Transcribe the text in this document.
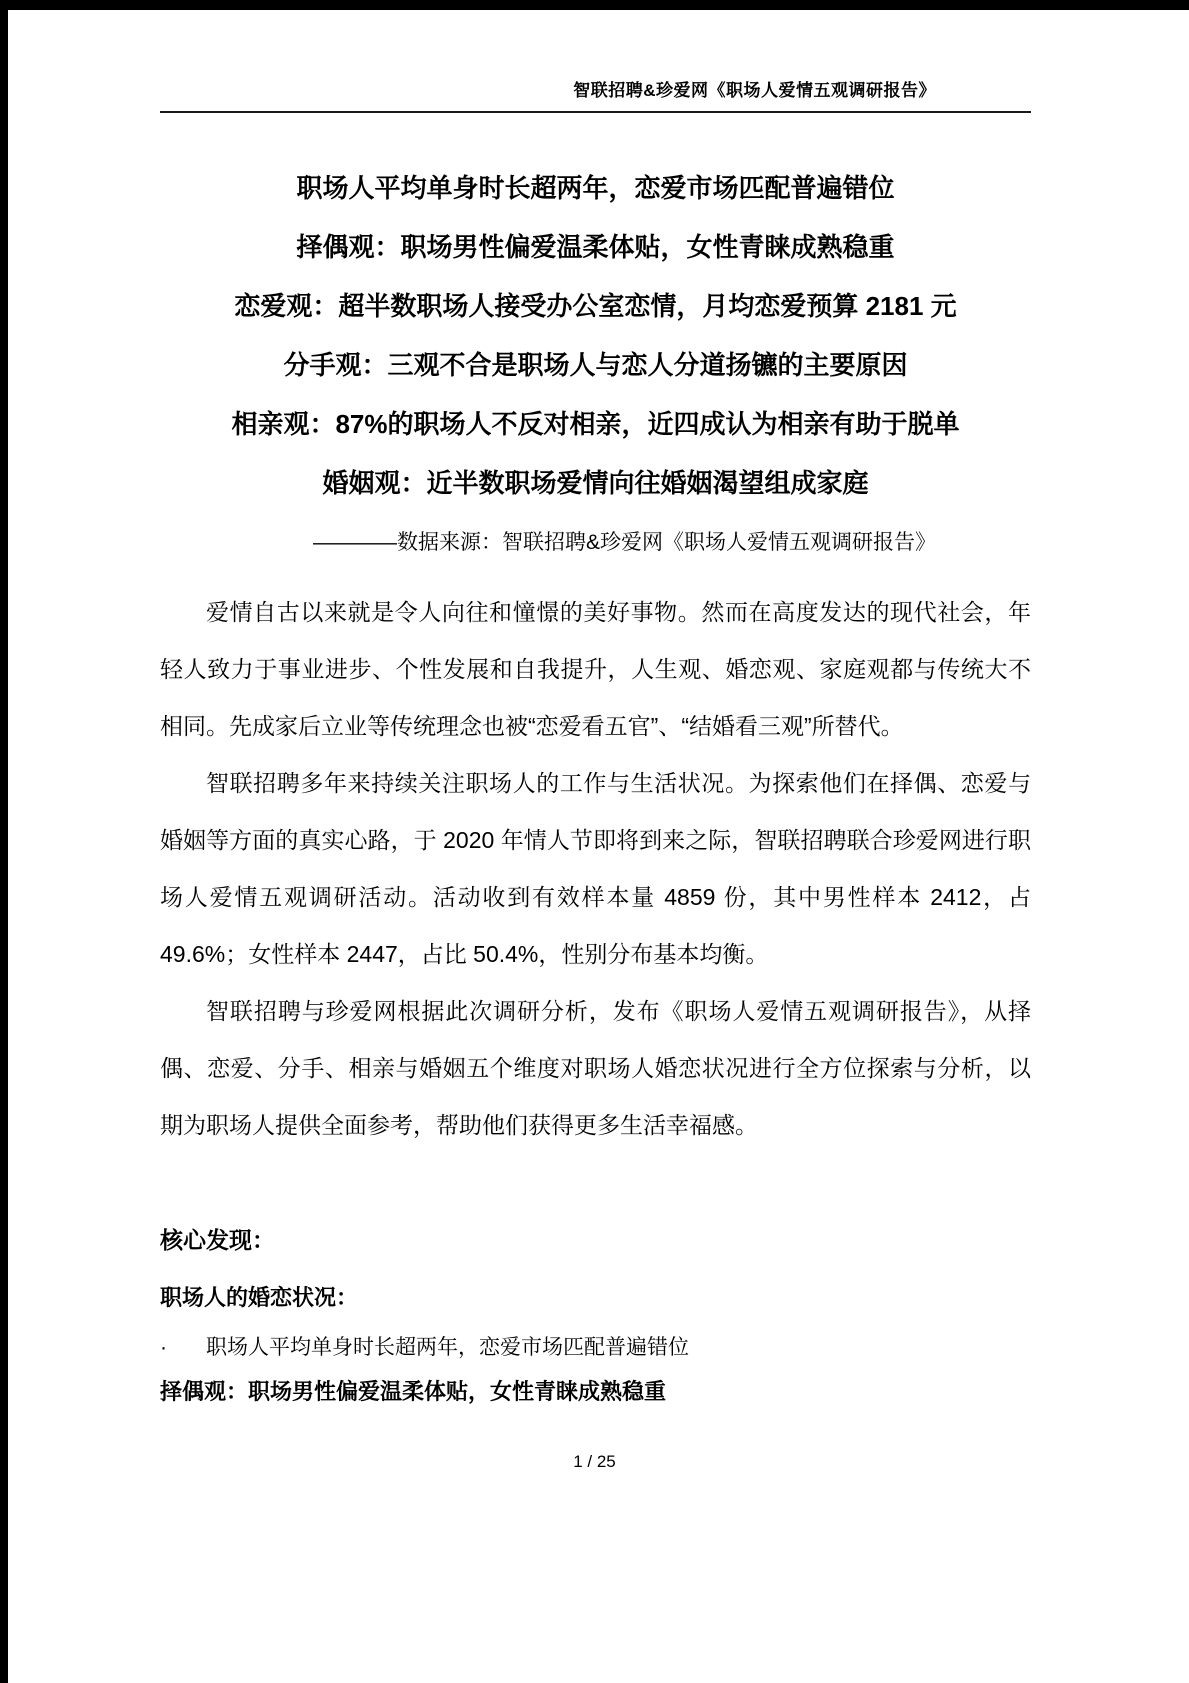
智联招聘&珍爱网《职场人爱情五观调研报告》
职场人平均单身时长超两年，恋爱市场匹配普遍错位
择偶观：职场男性偏爱温柔体贴，女性青睐成熟稳重
恋爱观：超半数职场人接受办公室恋情，月均恋爱预算 2181 元
分手观：三观不合是职场人与恋人分道扬镳的主要原因
相亲观：87%的职场人不反对相亲，近四成认为相亲有助于脱单
婚姻观：近半数职场爱情向往婚姻渴望组成家庭
————数据来源：智联招聘&珍爱网《职场人爱情五观调研报告》

爱情自古以来就是令人向往和憧憬的美好事物。然而在高度发达的现代社会，年轻人致力于事业进步、个性发展和自我提升，人生观、婚恋观、家庭观都与传统大不相同。先成家后立业等传统理念也被“恋爱看五官”、“结婚看三观”所替代。

智联招聘多年来持续关注职场人的工作与生活状况。为探索他们在择偶、恋爱与婚姻等方面的真实心路，于 2020 年情人节即将到来之际，智联招聘联合珍爱网进行职场人爱情五观调研活动。活动收到有效样本量 4859 份，其中男性样本 2412，占 49.6%；女性样本 2447，占比 50.4%，性别分布基本均衡。

智联招聘与珍爱网根据此次调研分析，发布《职场人爱情五观调研报告》，从择偶、恋爱、分手、相亲与婚姻五个维度对职场人婚恋状况进行全方位探索与分析，以期为职场人提供全面参考，帮助他们获得更多生活幸福感。

核心发现：
职场人的婚恋状况：
·	职场人平均单身时长超两年，恋爱市场匹配普遍错位
择偶观：职场男性偏爱温柔体贴，女性青睐成熟稳重
1 / 25
